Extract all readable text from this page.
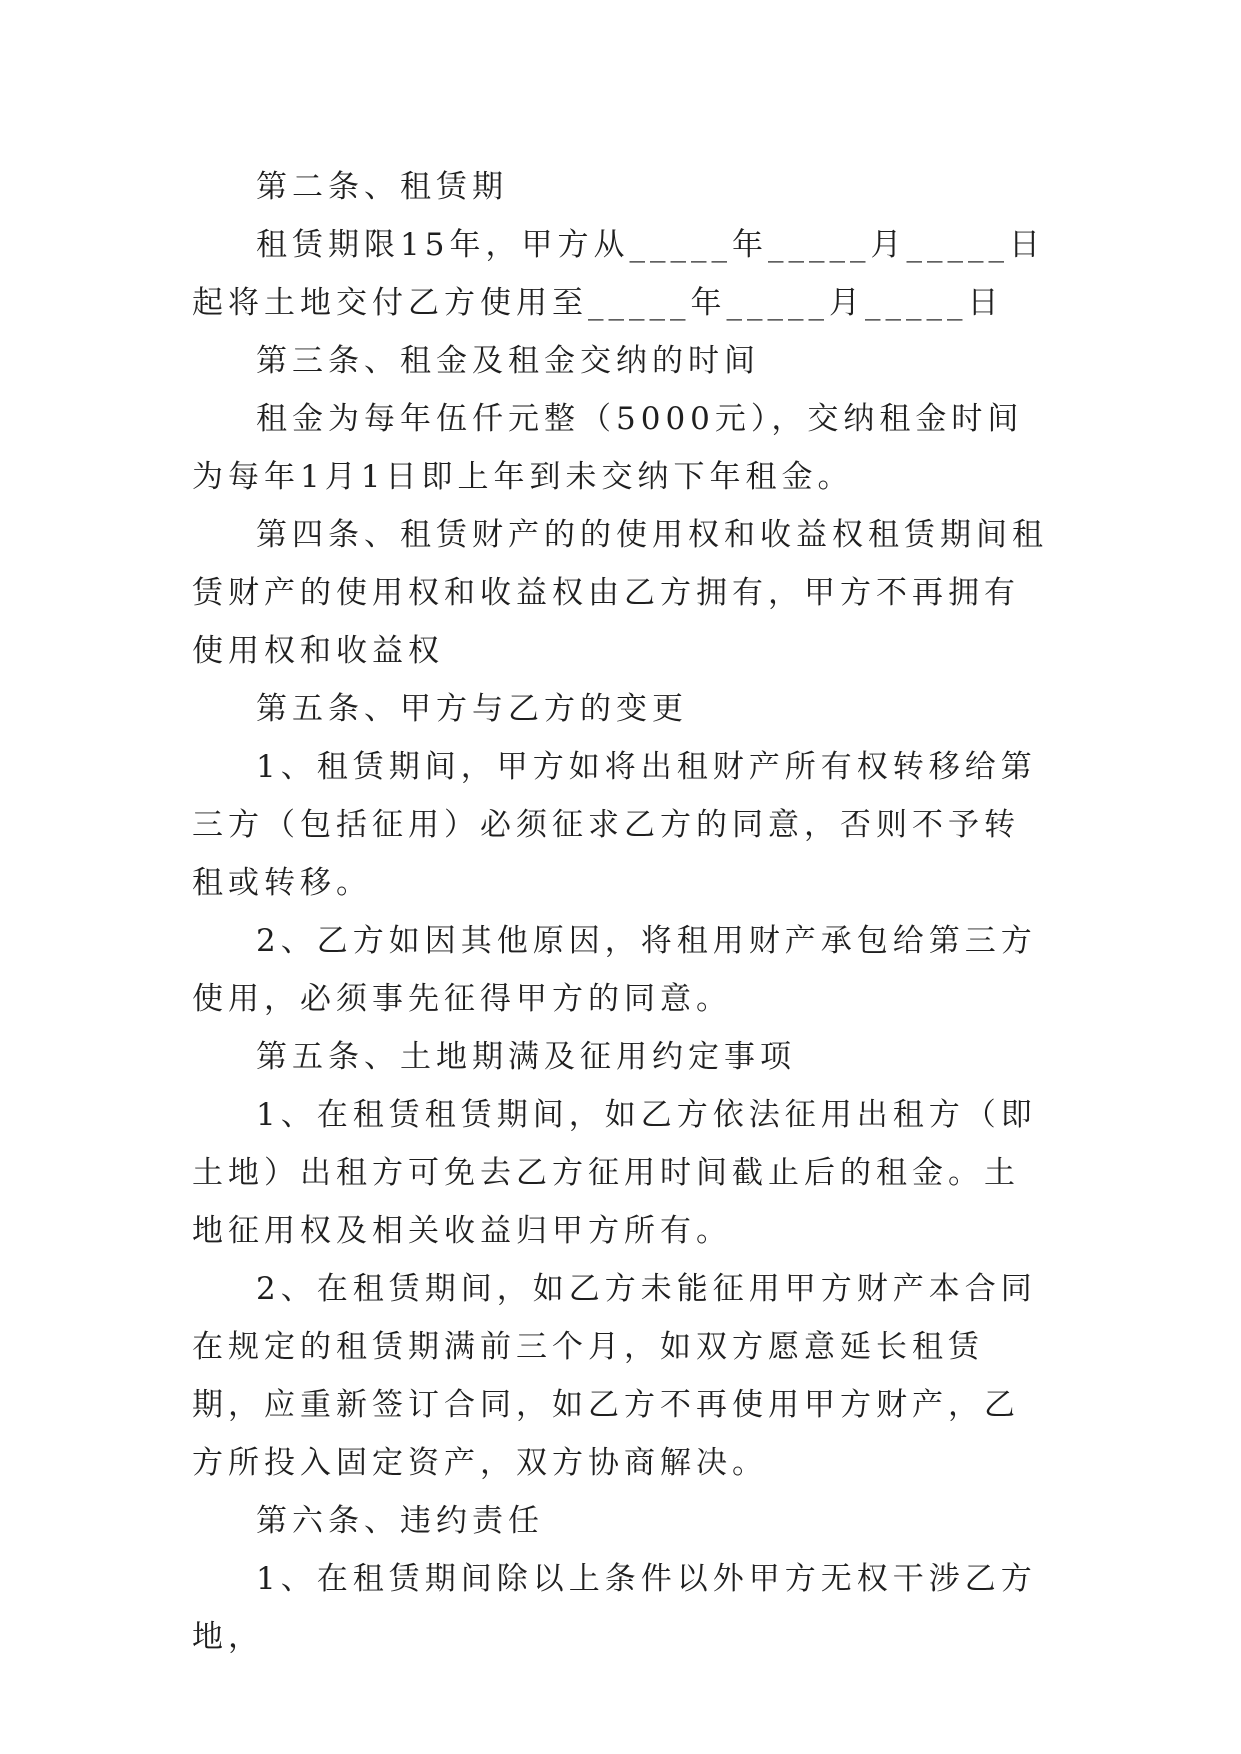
第二条、租赁期

租赁期限15年，甲方从_____年_____月_____日起将土地交付乙方使用至_____年_____月_____日

第三条、租金及租金交纳的时间

租金为每年伍仟元整（5000元），交纳租金时间为每年1月1日即上年到未交纳下年租金。

第四条、租赁财产的的使用权和收益权租赁期间租赁财产的使用权和收益权由乙方拥有，甲方不再拥有使用权和收益权

第五条、甲方与乙方的变更

1、租赁期间，甲方如将出租财产所有权转移给第三方（包括征用）必须征求乙方的同意，否则不予转租或转移。

2、乙方如因其他原因，将租用财产承包给第三方使用，必须事先征得甲方的同意。

第五条、土地期满及征用约定事项

1、在租赁租赁期间，如乙方依法征用出租方（即土地）出租方可免去乙方征用时间截止后的租金。土地征用权及相关收益归甲方所有。

2、在租赁期间，如乙方未能征用甲方财产本合同在规定的租赁期满前三个月，如双方愿意延长租赁期，应重新签订合同，如乙方不再使用甲方财产，乙方所投入固定资产，双方协商解决。

第六条、违约责任

1、在租赁期间除以上条件以外甲方无权干涉乙方地，
